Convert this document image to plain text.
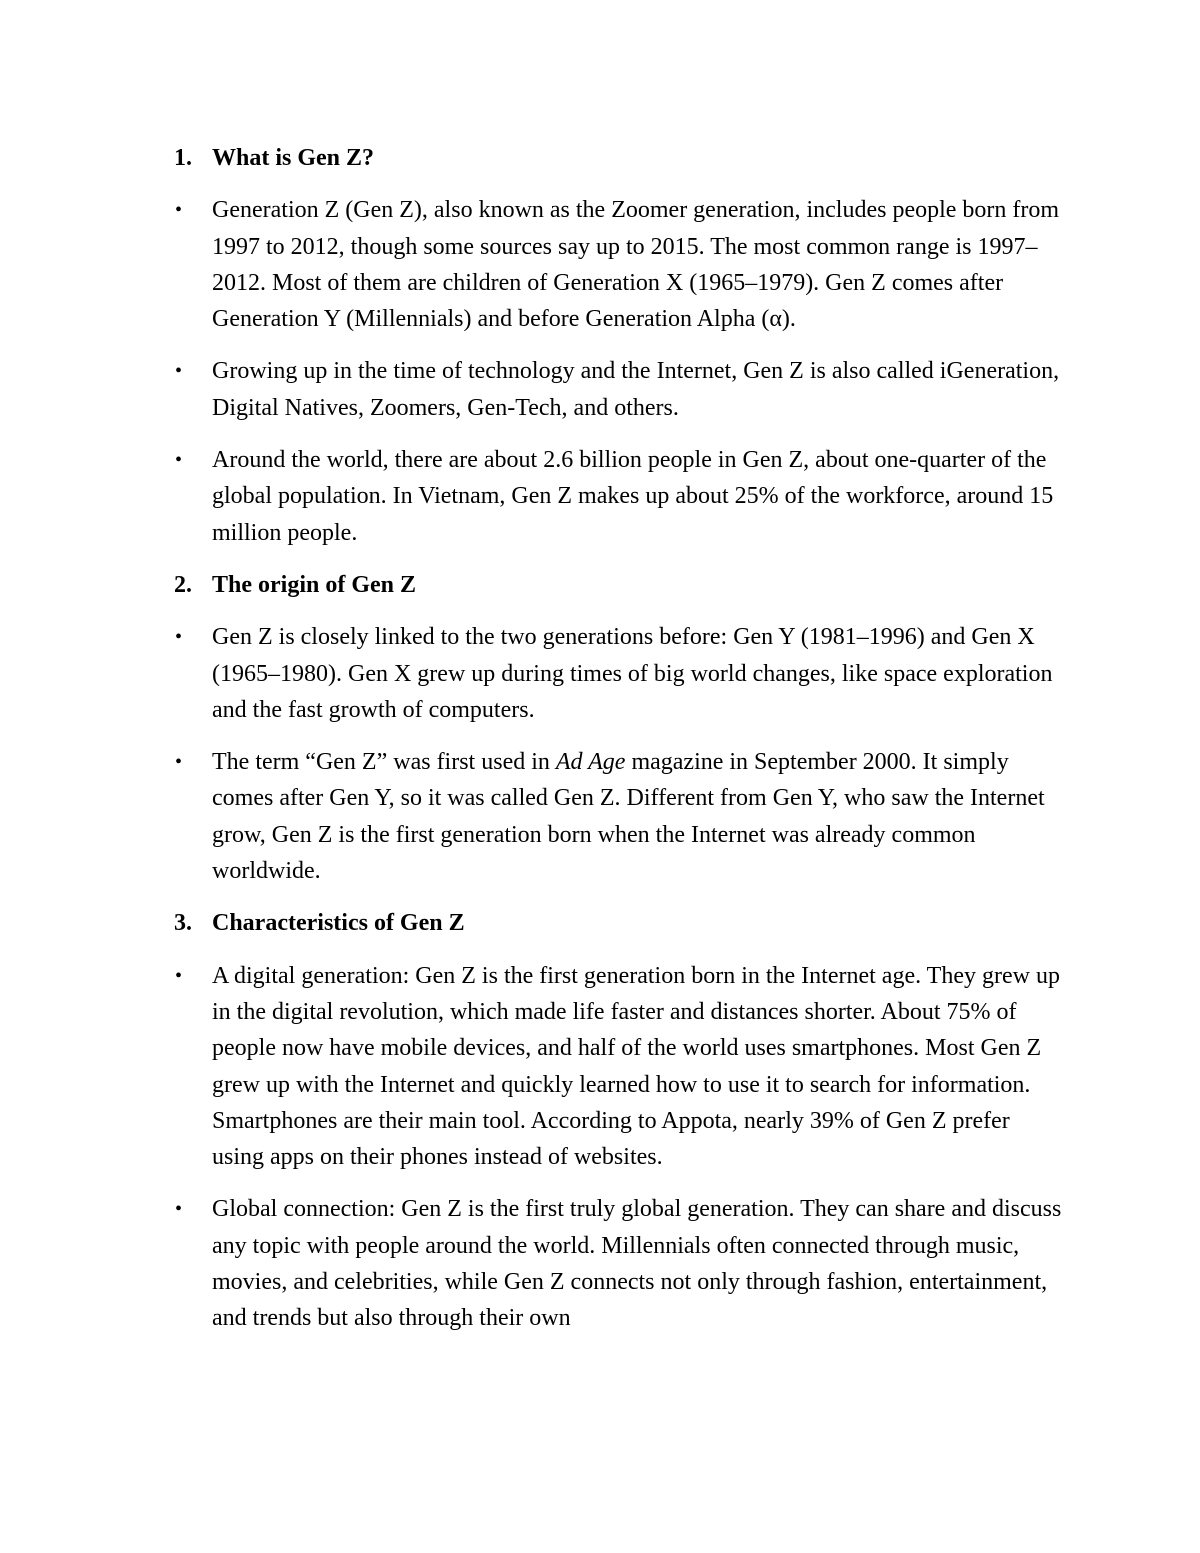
1. What is Gen Z?
• Generation Z (Gen Z), also known as the Zoomer generation, includes people born from 1997 to 2012, though some sources say up to 2015. The most common range is 1997–2012. Most of them are children of Generation X (1965–1979). Gen Z comes after Generation Y (Millennials) and before Generation Alpha (α).
• Growing up in the time of technology and the Internet, Gen Z is also called iGeneration, Digital Natives, Zoomers, Gen-Tech, and others.
• Around the world, there are about 2.6 billion people in Gen Z, about one-quarter of the global population. In Vietnam, Gen Z makes up about 25% of the workforce, around 15 million people.
2. The origin of Gen Z
• Gen Z is closely linked to the two generations before: Gen Y (1981–1996) and Gen X (1965–1980). Gen X grew up during times of big world changes, like space exploration and the fast growth of computers.
• The term “Gen Z” was first used in Ad Age magazine in September 2000. It simply comes after Gen Y, so it was called Gen Z. Different from Gen Y, who saw the Internet grow, Gen Z is the first generation born when the Internet was already common worldwide.
3. Characteristics of Gen Z
• A digital generation: Gen Z is the first generation born in the Internet age. They grew up in the digital revolution, which made life faster and distances shorter. About 75% of people now have mobile devices, and half of the world uses smartphones. Most Gen Z grew up with the Internet and quickly learned how to use it to search for information. Smartphones are their main tool. According to Appota, nearly 39% of Gen Z prefer using apps on their phones instead of websites.
• Global connection: Gen Z is the first truly global generation. They can share and discuss any topic with people around the world. Millennials often connected through music, movies, and celebrities, while Gen Z connects not only through fashion, entertainment, and trends but also through their own
